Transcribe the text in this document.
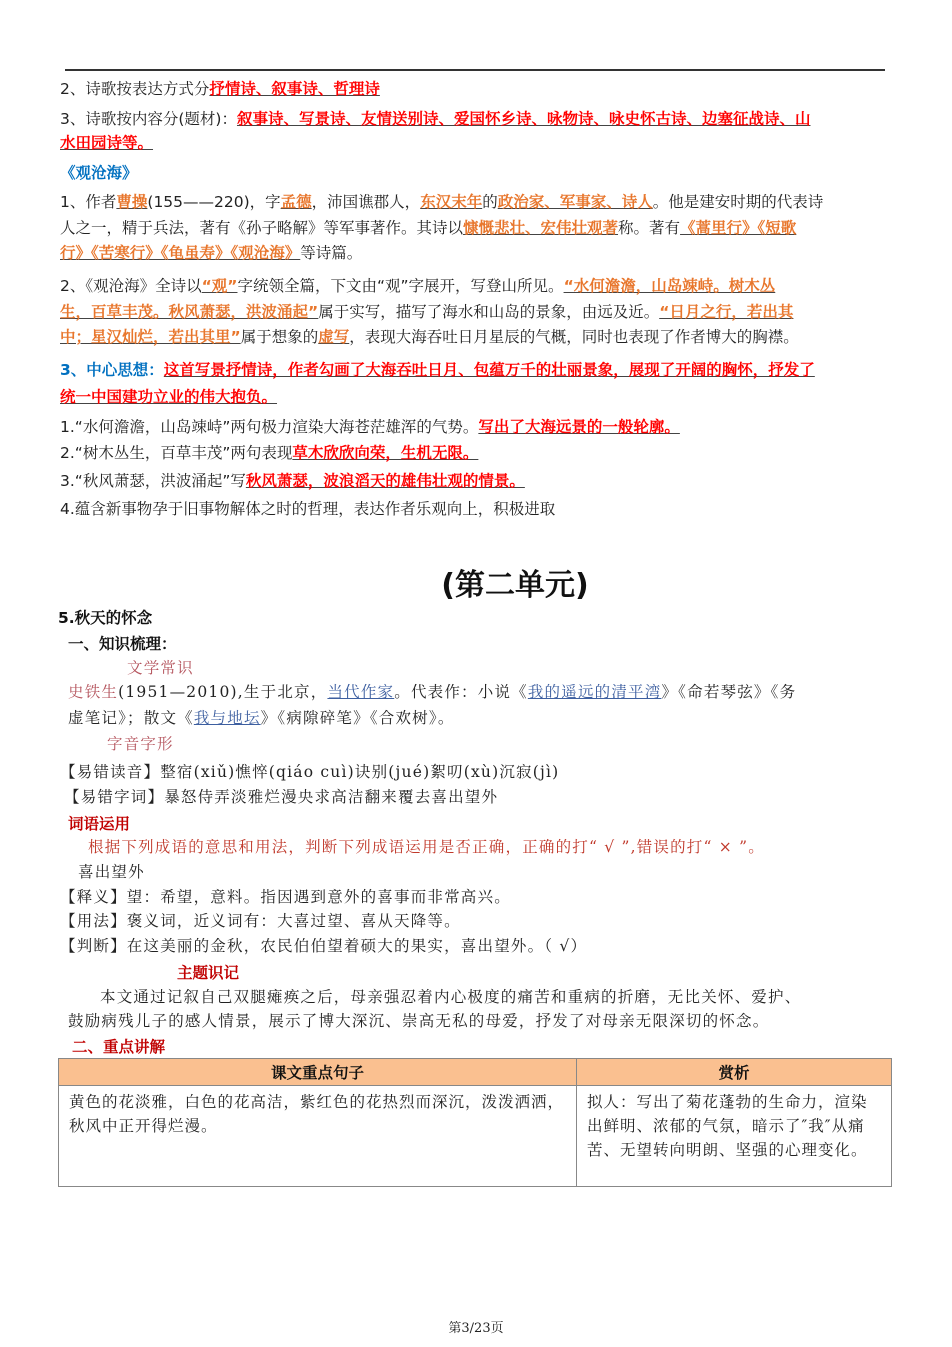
2、诗歌按表达方式分抒情诗、叙事诗、哲理诗
3、诗歌按内容分(题材)：叙事诗、写景诗、友情送别诗、爱国怀乡诗、咏物诗、咏史怀古诗、边塞征战诗、山
水田园诗等。
《观沧海》
1、作者曹操(155——220)，字孟德，沛国谯郡人，东汉末年的政治家、军事家、诗人。他是建安时期的代表诗
人之一，精于兵法，著有《孙子略解》等军事著作。其诗以慷慨悲壮、宏伟壮观著称。著有《蒿里行》《短歌
行》《苦寒行》《龟虽寿》《观沧海》等诗篇。
2、《观沧海》全诗以“观”字统领全篇，下文由“观”字展开，写登山所见。“水何澹澹，山岛竦峙。树木丛
生，百草丰茂。秋风萧瑟，洪波涌起”属于实写，描写了海水和山岛的景象，由远及近。“日月之行，若出其
中；星汉灿烂，若出其里”属于想象的虚写，表现大海吞吐日月星辰的气概，同时也表现了作者博大的胸襟。
3、中心思想：这首写景抒情诗，作者勾画了大海吞吐日月、包蕴万千的壮丽景象，展现了开阔的胸怀，抒发了
统一中国建功立业的伟大抱负。
1.“水何澹澹，山岛竦峙”两句极力渲染大海苍茫雄浑的气势。写出了大海远景的一般轮廓。
2.“树木丛生，百草丰茂”两句表现草木欣欣向荣，生机无限。
3.“秋风萧瑟，洪波涌起”写秋风萧瑟，波浪滔天的雄伟壮观的情景。
4.蕴含新事物孕于旧事物解体之时的哲理，表达作者乐观向上，积极进取
5.秋天的怀念
一、知识梳理：
文学常识
史铁生(1951—2010),生于北京，当代作家。代表作：小说《我的遥远的清平湾》《命若琴弦》《务
虚笔记》；散文《我与地坛》《病隙碎笔》《合欢树》。
字音字形
【易错读音】整宿(xiǔ)憔悴(qiáo cuì)诀别(jué)絮叨(xù)沉寂(jì)
【易错字词】暴怒侍弄淡雅烂漫央求高洁翻来覆去喜出望外
词语运用
根据下列成语的意思和用法，判断下列成语运用是否正确，正确的打“ √ ”,错误的打“ × ”。
喜出望外
【释义】望：希望，意料。指因遇到意外的喜事而非常高兴。
【用法】褒义词，近义词有：大喜过望、喜从天降等。
【判断】在这美丽的金秋，农民伯伯望着硕大的果实，喜出望外。（ √）
主题识记
本文通过记叙自己双腿瘫痪之后，母亲强忍着内心极度的痛苦和重病的折磨，无比关怀、爱护、
鼓励病残儿子的感人情景，展示了博大深沉、崇高无私的母爱，抒发了对母亲无限深切的怀念。
二、重点讲解
(第二单元)
课文重点句子	赏析
黄色的花淡雅，白色的花高洁，紫红色的花热烈而深沉，泼泼洒洒，秋风中正开得烂漫。	拟人：写出了菊花蓬勃的生命力，渲染出鲜明、浓郁的气氛，暗示了″我″从痛苦、无望转向明朗、坚强的心理变化。
第3/23页
